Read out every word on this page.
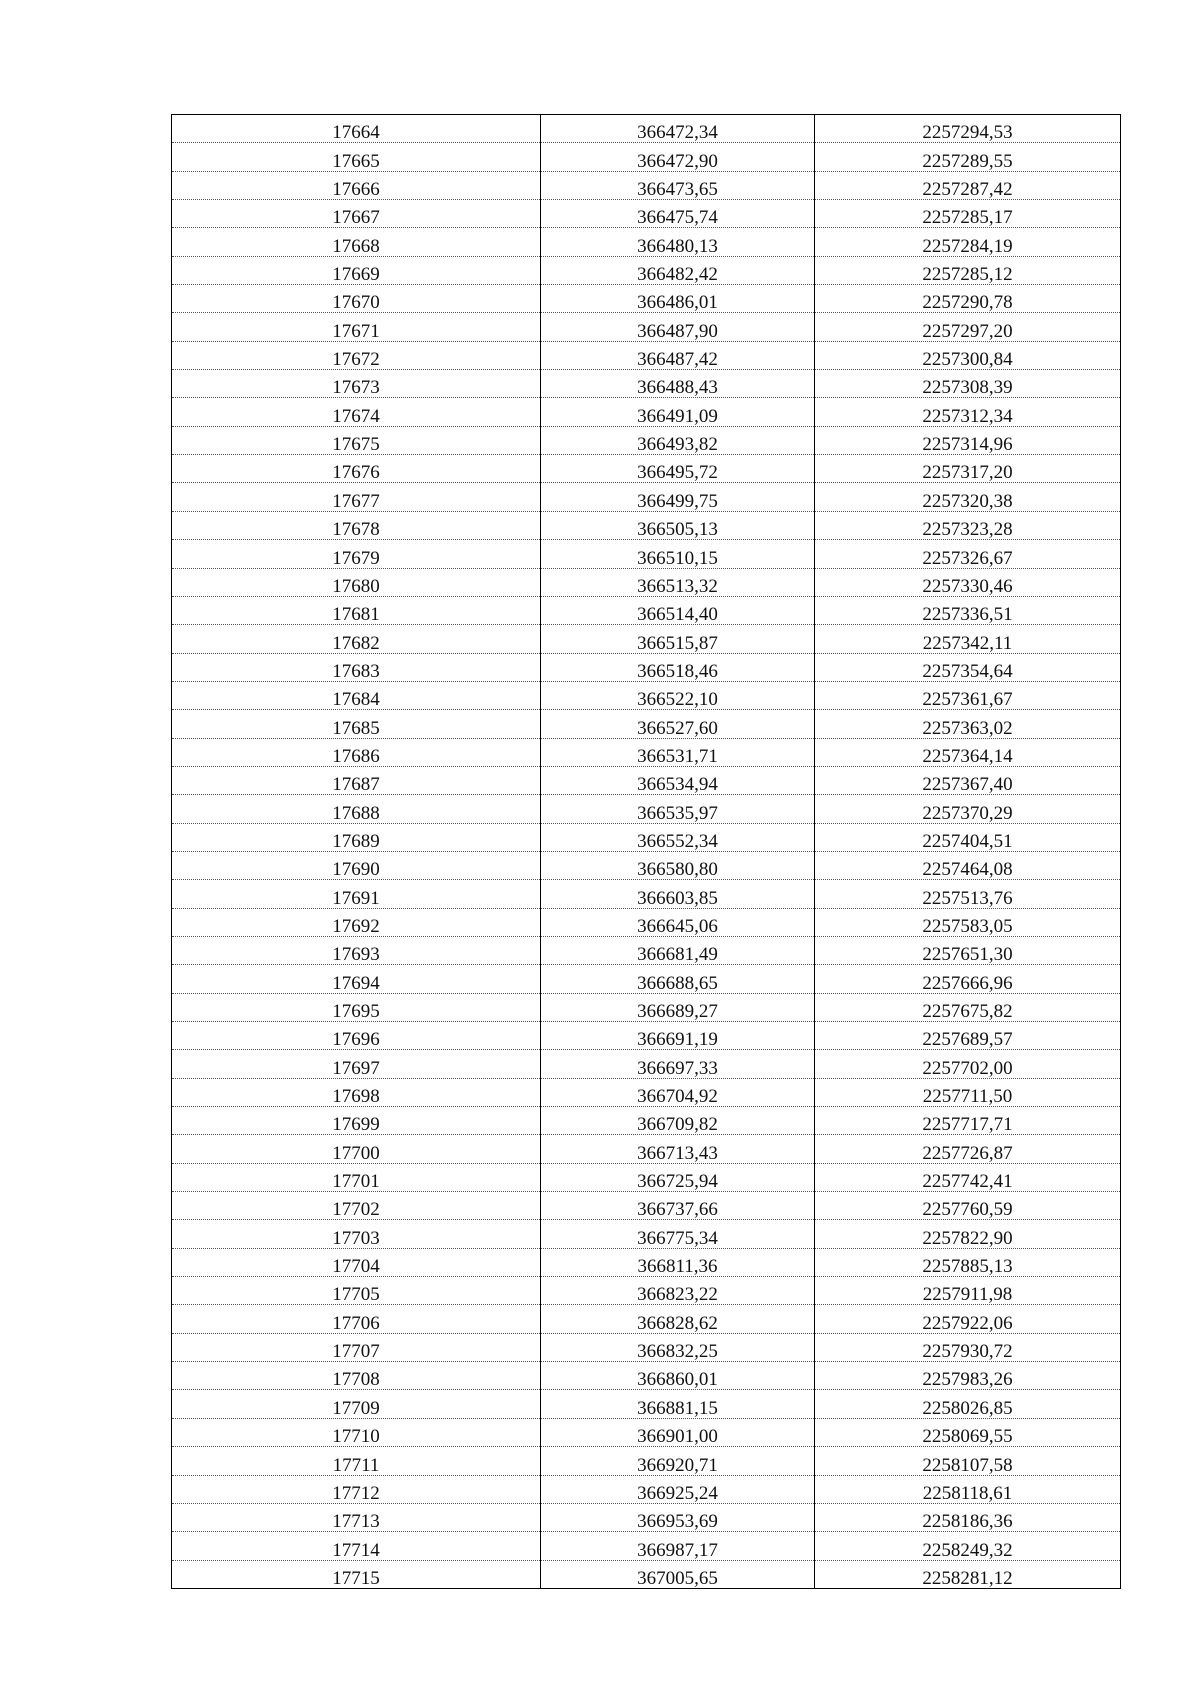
17664	366472,34	2257294,53
17665	366472,90	2257289,55
17666	366473,65	2257287,42
17667	366475,74	2257285,17
17668	366480,13	2257284,19
17669	366482,42	2257285,12
17670	366486,01	2257290,78
17671	366487,90	2257297,20
17672	366487,42	2257300,84
17673	366488,43	2257308,39
17674	366491,09	2257312,34
17675	366493,82	2257314,96
17676	366495,72	2257317,20
17677	366499,75	2257320,38
17678	366505,13	2257323,28
17679	366510,15	2257326,67
17680	366513,32	2257330,46
17681	366514,40	2257336,51
17682	366515,87	2257342,11
17683	366518,46	2257354,64
17684	366522,10	2257361,67
17685	366527,60	2257363,02
17686	366531,71	2257364,14
17687	366534,94	2257367,40
17688	366535,97	2257370,29
17689	366552,34	2257404,51
17690	366580,80	2257464,08
17691	366603,85	2257513,76
17692	366645,06	2257583,05
17693	366681,49	2257651,30
17694	366688,65	2257666,96
17695	366689,27	2257675,82
17696	366691,19	2257689,57
17697	366697,33	2257702,00
17698	366704,92	2257711,50
17699	366709,82	2257717,71
17700	366713,43	2257726,87
17701	366725,94	2257742,41
17702	366737,66	2257760,59
17703	366775,34	2257822,90
17704	366811,36	2257885,13
17705	366823,22	2257911,98
17706	366828,62	2257922,06
17707	366832,25	2257930,72
17708	366860,01	2257983,26
17709	366881,15	2258026,85
17710	366901,00	2258069,55
17711	366920,71	2258107,58
17712	366925,24	2258118,61
17713	366953,69	2258186,36
17714	366987,17	2258249,32
17715	367005,65	2258281,12
